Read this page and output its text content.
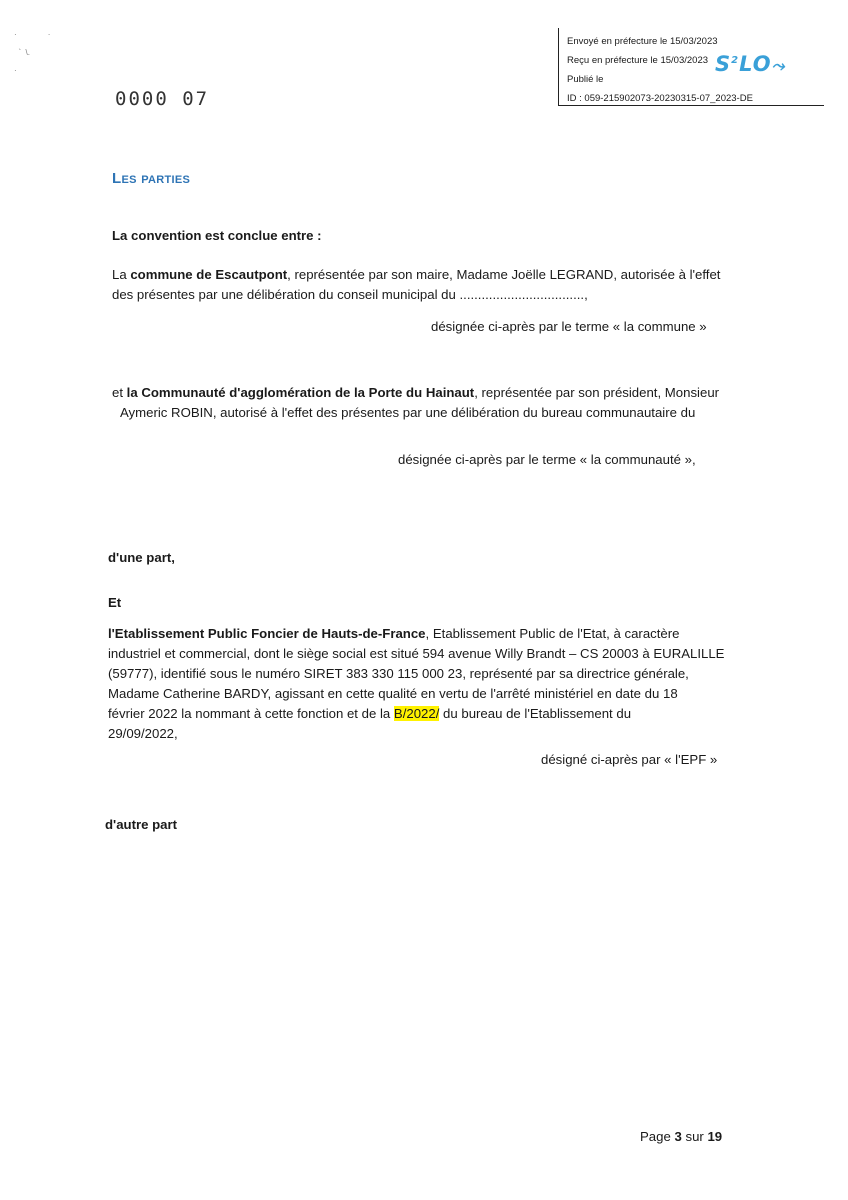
·              ·

`  \.

·
Envoyé en préfecture le 15/03/2023
Reçu en préfecture le 15/03/2023
Publié le
ID : 059-215902073-20230315-07_2023-DE
$S^2LO⤳$
0000 07
Les parties
La convention est conclue entre :
La commune de Escautpont, représentée par son maire, Madame Joëlle LEGRAND, autorisée à l'effet
des présentes par une délibération du conseil municipal du ..................................,
désignée ci-après par le terme « la commune »
et la Communauté d'agglomération de la Porte du Hainaut, représentée par son président, Monsieur
Aymeric ROBIN, autorisé à l'effet des présentes par une délibération du bureau communautaire du
désignée ci-après par le terme « la communauté »,
d'une part,
Et
l'Etablissement Public Foncier de Hauts-de-France, Etablissement Public de l'Etat, à caractère
industriel et commercial, dont le siège social est situé 594 avenue Willy Brandt – CS 20003 à EURALILLE
(59777), identifié sous le numéro SIRET 383 330 115 000 23, représenté par sa directrice générale,
Madame Catherine BARDY, agissant en cette qualité en vertu de l'arrêté ministériel en date du 18
février 2022 la nommant à cette fonction et de la B/2022/ du bureau de l'Etablissement du
29/09/2022,
désigné ci-après par « l'EPF »
d'autre part
Page 3 sur 19
